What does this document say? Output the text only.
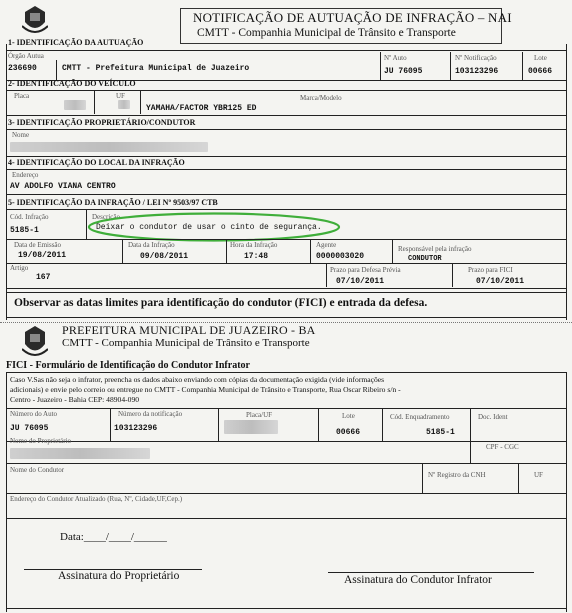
NOTIFICAÇÃO DE AUTUAÇÃO DE INFRAÇÃO – NAI
CMTT - Companhia Municipal de Trânsito e Transporte
1- IDENTIFICAÇÃO DA AUTUAÇÃO
Órgão Autua
236690	CMTT - Prefeitura Municipal de Juazeiro
Nº Auto
JU 76095
Nº Notificação
103123296
Lote
00666
2- IDENTIFICAÇÃO DO VEÍCULO
Placa	UF	Marca/Modelo
YAMAHA/FACTOR YBR125 ED
3- IDENTIFICAÇÃO PROPRIETÁRIO/CONDUTOR
Nome
4- IDENTIFICAÇÃO DO LOCAL DA INFRAÇÃO
Endereço
AV ADOLFO VIANA CENTRO
5- IDENTIFICAÇÃO DA INFRAÇÃO / LEI Nº 9503/97 CTB
Cód. Infração
5185-1
Descrição
Deixar o condutor de usar o cinto de segurança.
Data de Emissão
19/08/2011
Data da Infração
09/08/2011
Hora da Infração
17:48
Agente
0000003020
Responsável pela infração
CONDUTOR
Artigo
167
Prazo para Defesa Prévia
07/10/2011
Prazo para FICI
07/10/2011
Observar as datas limites para identificação do condutor (FICI) e entrada da defesa.
PREFEITURA MUNICIPAL DE JUAZEIRO - BA
CMTT - Companhia Municipal de Trânsito e Transporte
FICI - Formulário de Identificação do Condutor Infrator
Caso V.Sas não seja o infrator, preencha os dados abaixo enviando com cópias da documentação exigida (vide informações
adicionais) e envie pelo correio ou entregue no CMTT - Companhia Municipal de Trânsito e Transporte, Rua Oscar Ribeiro s/n -
Centro - Juazeiro - Bahia CEP: 48904-090
Número do Auto
JU 76095
Número da notificação
103123296
Placa/UF	Lote
00666
Cód. Enquadramento
5185-1
Doc. Ident
Nome do Proprietário
CPF - CGC
Nome do Condutor
Nº Registro da CNH	UF
Endereço do Condutor Atualizado (Rua, Nº, Cidade,UF,Cep.)
Data:____/____/______
Assinatura do Proprietário	Assinatura do Condutor Infrator
